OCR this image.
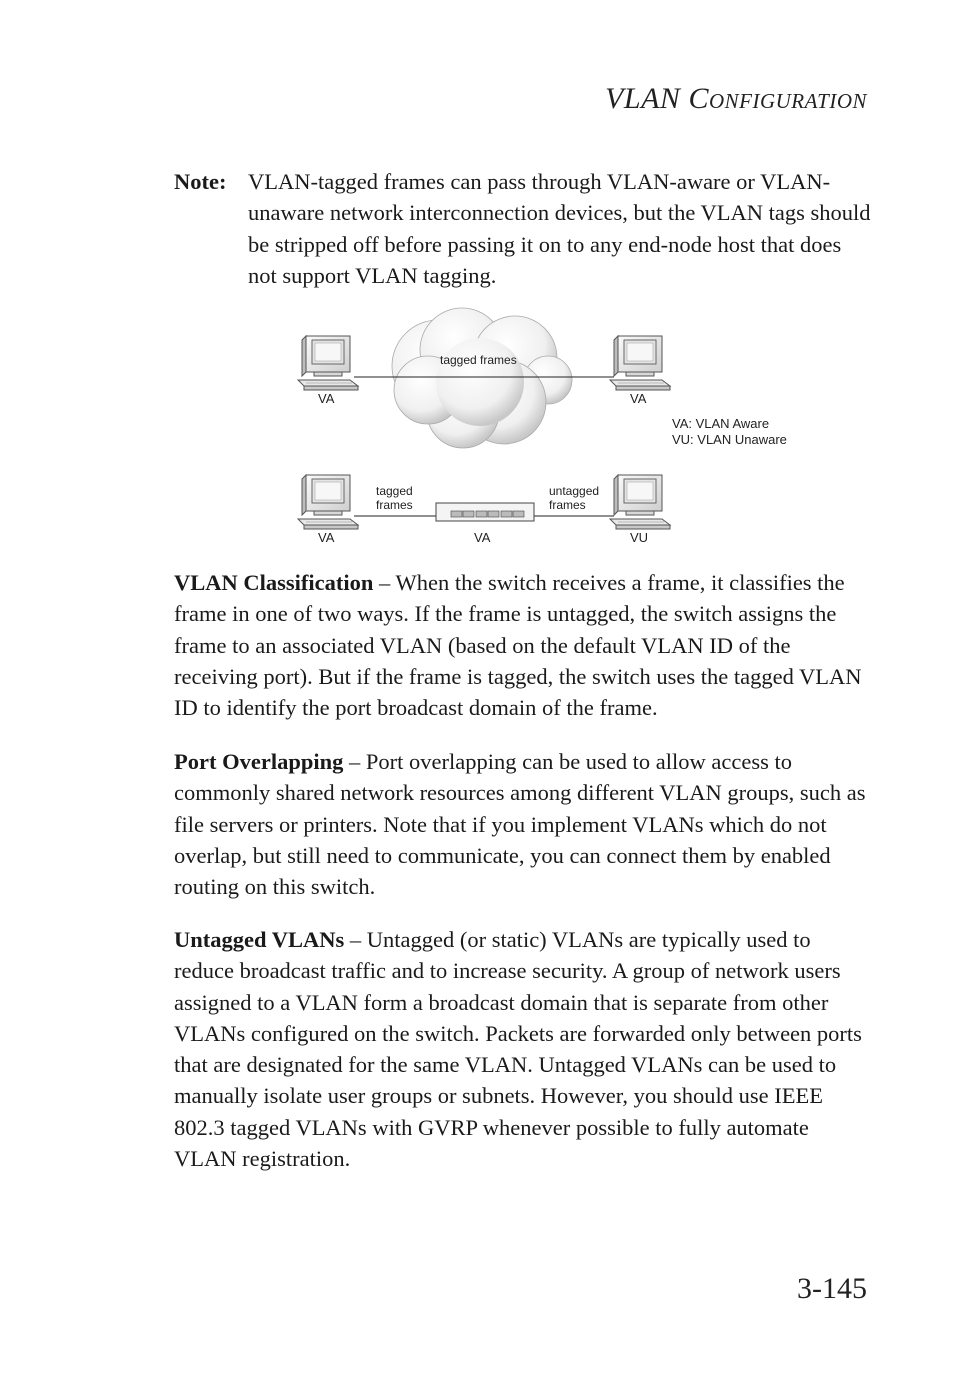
VLAN Configuration
Note: VLAN-tagged frames can pass through VLAN-aware or VLAN-unaware network interconnection devices, but the VLAN tags should be stripped off before passing it on to any end-node host that does not support VLAN tagging.
tagged frames
VA	VA
VA: VLAN Aware
VU: VLAN Unaware
tagged
frames
untagged
frames
VA	VA	VU

VLAN Classification – When the switch receives a frame, it classifies the frame in one of two ways. If the frame is untagged, the switch assigns the frame to an associated VLAN (based on the default VLAN ID of the receiving port). But if the frame is tagged, the switch uses the tagged VLAN ID to identify the port broadcast domain of the frame.

Port Overlapping – Port overlapping can be used to allow access to commonly shared network resources among different VLAN groups, such as file servers or printers. Note that if you implement VLANs which do not overlap, but still need to communicate, you can connect them by enabled routing on this switch.

Untagged VLANs – Untagged (or static) VLANs are typically used to reduce broadcast traffic and to increase security. A group of network users assigned to a VLAN form a broadcast domain that is separate from other VLANs configured on the switch. Packets are forwarded only between ports that are designated for the same VLAN. Untagged VLANs can be used to manually isolate user groups or subnets. However, you should use IEEE 802.3 tagged VLANs with GVRP whenever possible to fully automate VLAN registration.

3-145
